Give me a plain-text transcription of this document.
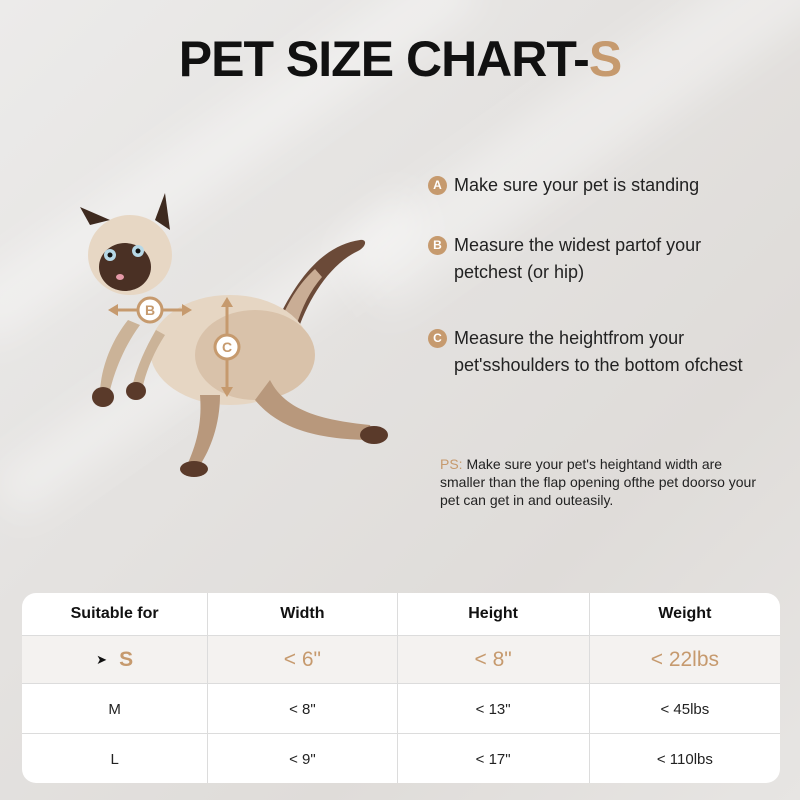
PET SIZE CHART-S
B
C
A Make sure your pet is standing
B Measure the widest partof your petchest (or hip)
C Measure the heightfrom your pet'sshoulders to the bottom ofchest
PS: Make sure your pet's heightand width are smaller than the flap opening ofthe pet doorso your pet can get in and outeasily.
Suitable for	Width	Height	Weight
➤ S	< 6"	< 8"	< 22lbs
M	< 8"	< 13"	< 45lbs
L	< 9"	< 17"	< 110lbs
